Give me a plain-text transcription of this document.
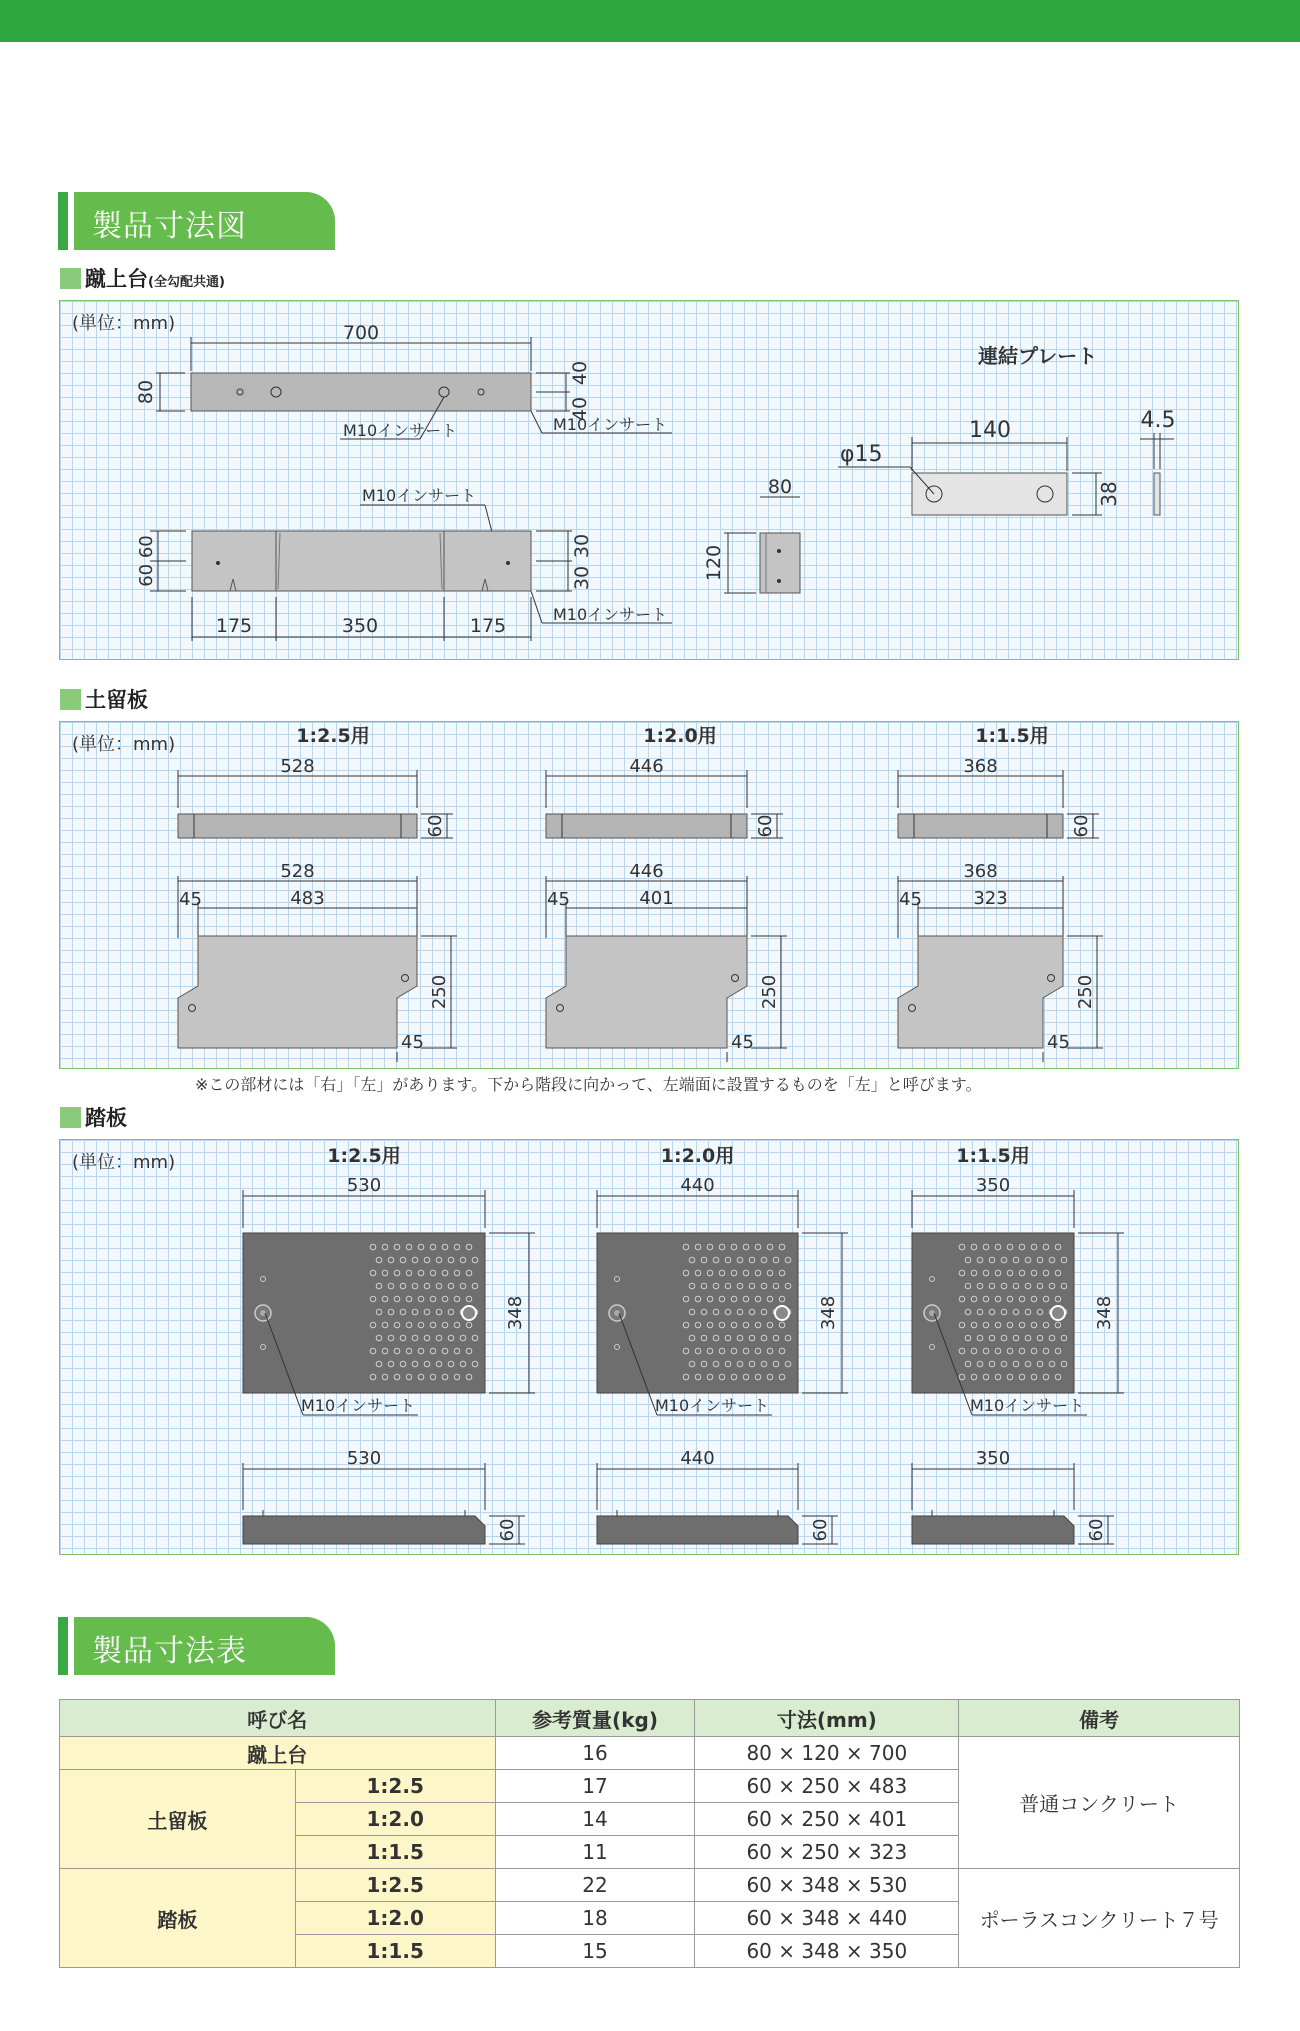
製品寸法図
蹴上台(全勾配共通)
(単位：mm)	700
80
40
40
M10インサート	M10インサート
M10インサート
60 60	30
30
M10インサート
175	350	175
80
120
連結プレート
140
φ15
38
4.5
土留板
(単位：mm)	1:2.5用
528
60
528
483
45
250
45
1:2.0用
446
60
446
401
45
250
45
1:1.5用
368
60
368
323
45
250
45
※この部材には「右」「左」があります。下から階段に向かって、左端面に設置するものを「左」と呼びます。
踏板
(単位：mm)	1:2.5用
530
M10インサート
348
530
60
1:2.0用
440
M10インサート
348
440
60
1:1.5用
350
M10インサート
348
350
60
製品寸法表
呼び名		参考質量(kg)	寸法(mm)	備考
蹴上台		16	80 × 120 × 700	普通コンクリート
土留板	1:2.5	17	60 × 250 × 483	
	1:2.0	14	60 × 250 × 401	
	1:1.5	11	60 × 250 × 323	
踏板	1:2.5	22	60 × 348 × 530	ポーラスコンクリート７号
	1:2.0	18	60 × 348 × 440	
	1:1.5	15	60 × 348 × 350	
